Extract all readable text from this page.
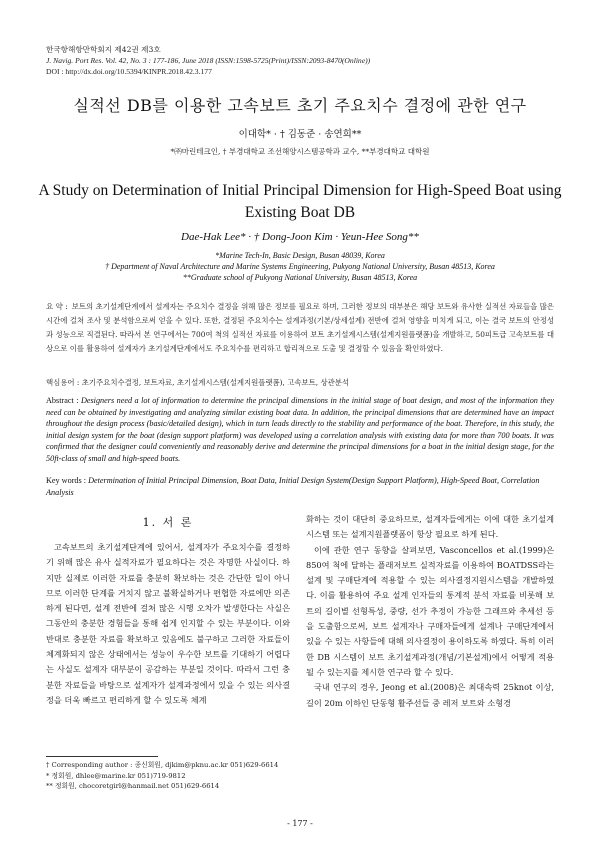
한국항해항만학회지 제42권 제3호
J. Navig. Port Res. Vol. 42, No. 3 : 177-186, June 2018 (ISSN:1598-5725(Print)/ISSN:2093-8470(Online))
DOI : http://dx.doi.org/10.5394/KINPR.2018.42.3.177
실적선 DB를 이용한 고속보트 초기 주요치수 결정에 관한 연구
이대학* · † 김동준 · 송연희**
*㈜마린테크인, † 부경대학교 조선해양시스템공학과 교수, **부경대학교 대학원
A Study on Determination of Initial Principal Dimension for High-Speed Boat using Existing Boat DB
Dae-Hak Lee* · † Dong-Joon Kim · Yeun-Hee Song**
*Marine Tech-In, Basic Design, Busan 48039, Korea
† Department of Naval Architecture and Marine Systems Engineering, Pukyong National University, Busan 48513, Korea
**Graduate school of Pukyong National University, Busan 48513, Korea
요 약 : 보트의 초기설계단계에서 설계자는 주요치수 결정을 위해 많은 정보를 필요로 하며, 그러한 정보의 대부분은 해당 보트와 유사한 실적선 자료들을 많은 시간에 걸쳐 조사 및 분석함으로써 얻을 수 있다. 또한, 결정된 주요치수는 설계과정(기본/상세설계) 전반에 걸쳐 영향을 미치게 되고, 이는 결국 보트의 안정성과 성능으로 직결된다. 따라서 본 연구에서는 700여 척의 실적선 자료를 이용하여 보트 초기설계시스템(설계지원플랫폼)을 개발하고, 50피트급 고속보트를 대상으로 이를 활용하여 설계자가 초기설계단계에서도 주요치수를 편리하고 합리적으로 도출 및 결정할 수 있음을 확인하였다.
핵심용어 : 초기주요치수결정, 보트자료, 초기설계시스템(설계지원플랫폼), 고속보트, 상관분석
Abstract : Designers need a lot of information to determine the principal dimensions in the initial stage of boat design, and most of the information they need can be obtained by investigating and analyzing similar existing boat data. In addition, the principal dimensions that are determined have an impact throughout the design process (basic/detailed design), which in turn leads directly to the stability and performance of the boat. Therefore, in this study, the initial design system for the boat (design support platform) was developed using a correlation analysis with existing data for more than 700 boats. It was confirmed that the designer could conveniently and reasonably derive and determine the principal dimensions for a boat in the initial design stage, for the 50ft-class of small and high-speed boats.
Key words : Determination of Initial Principal Dimension, Boat Data, Initial Design System(Design Support Platform), High-Speed Boat, Correlation Analysis
1. 서 론

고속보트의 초기설계단계에 있어서, 설계자가 주요치수를 결정하기 위해 많은 유사 실적자료가 필요하다는 것은 자명한 사실이다. 하지만 실제로 이러한 자료를 충분히 확보하는 것은 간단한 일이 아니므로 이러한 단계를 거치지 않고 불확실하거나 편협한 자료에만 의존하게 된다면, 설계 전반에 걸쳐 많은 시행 오차가 발생한다는 사실은 그동안의 충분한 경험들을 통해 쉽게 인지할 수 있는 부분이다. 이와 반대로 충분한 자료를 확보하고 있음에도 불구하고 그러한 자료들이 체계화되지 않은 상태에서는 성능이 우수한 보트를 기대하기 어렵다는 사실도 설계자 대부분이 공감하는 부분일 것이다. 따라서 그런 충분한 자료들을 바탕으로 설계자가 설계과정에서 있을 수 있는 의사결정을 더욱 빠르고 편리하게 할 수 있도록 체계

화하는 것이 대단히 중요하므로, 설계자들에게는 이에 대한 초기설계시스템 또는 설계지원플랫폼이 항상 필요로 하게 된다.

이에 관한 연구 동향을 살펴보면, Vasconcellos et al.(1999)은 850여 척에 달하는 플래저보트 실적자료를 이용하여 BOATDSS라는 설계 및 구매단계에 적용할 수 있는 의사결정지원시스템을 개발하였다. 이를 활용하여 주요 설계 인자들의 통계적 분석 자료를 비롯해 보트의 길이별 선형특성, 중량, 선가 추정이 가능한 그래프와 추세선 등을 도출함으로써, 보트 설계자나 구매자들에게 설계나 구매단계에서 있을 수 있는 사항들에 대해 의사결정이 용이하도록 하였다. 특히 이러한 DB 시스템이 보트 초기설계과정(개념/기본설계)에서 어떻게 적용될 수 있는지를 제시한 연구라 할 수 있다.

국내 연구의 경우, Jeong et al.(2008)은 최대속력 25knot 이상, 길이 20m 이하인 단동형 활주선들 중 레저 보트와 소형경

† Corresponding author : 종신회원, djkim@pknu.ac.kr 051)629-6614
* 정회원, dhlee@marine.kr 051)719-9812
** 정회원, chocoretgirl@hanmail.net 051)629-6614
- 177 -
